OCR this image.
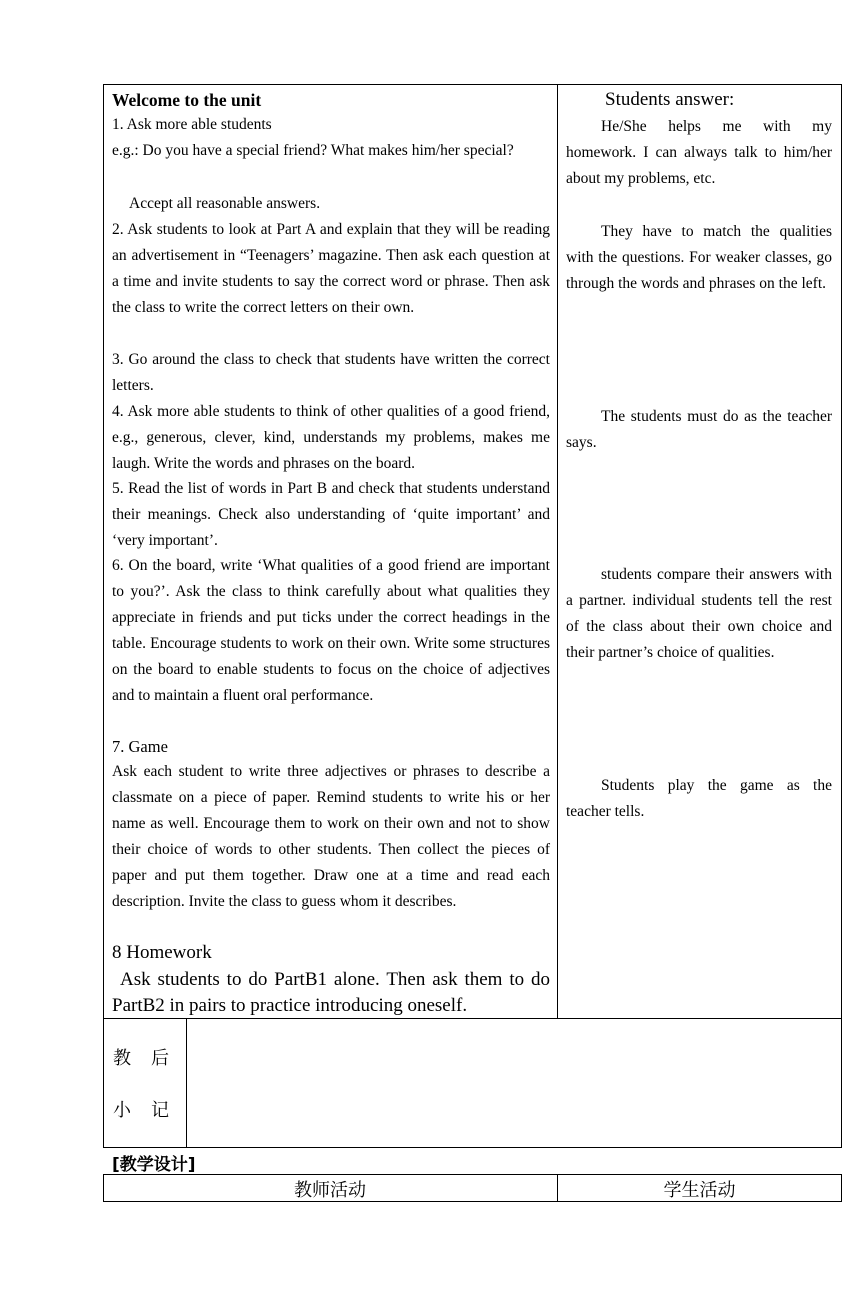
Welcome to the unit

1. Ask more able students

e.g.: Do you have a special friend? What makes him/her special?

Accept all reasonable answers.

2. Ask students to look at Part A and explain that they will be reading an advertisement in “Teenagers’ magazine. Then ask each question at a time and invite students to say the correct word or phrase. Then ask the class to write the correct letters on their own.

3. Go around the class to check that students have written the correct letters.

4. Ask more able students to think of other qualities of a good friend, e.g., generous, clever, kind, understands my problems, makes me laugh. Write the words and phrases on the board.

5. Read the list of words in Part B and check that students understand their meanings. Check also understanding of ‘quite important’ and ‘very important’.

6. On the board, write ‘What qualities of a good friend are important to you?’. Ask the class to think carefully about what qualities they appreciate in friends and put ticks under the correct headings in the table. Encourage students to work on their own. Write some structures on the board to enable students to focus on the choice of adjectives and to maintain a fluent oral performance.

7. Game

Ask each student to write three adjectives or phrases to describe a classmate on a piece of paper. Remind students to write his or her name as well. Encourage them to work on their own and not to show their choice of words to other students. Then collect the pieces of paper and put them together. Draw one at a time and read each description. Invite the class to guess whom it describes.

8 Homework

Ask students to do PartB1 alone. Then ask them to do PartB2 in pairs to practice introducing oneself.

Students answer:

He/She helps me with my homework. I can always talk to him/her about my problems, etc.

They have to match the qualities with the questions. For weaker classes, go through the words and phrases on the left.

The students must do as the teacher says.

students compare their answers with a partner. individual students tell the rest of the class about their own choice and their partner’s choice of qualities.

Students play the game as the teacher tells.

教　后
小　记
[教学设计]
教师活动	学生活动
